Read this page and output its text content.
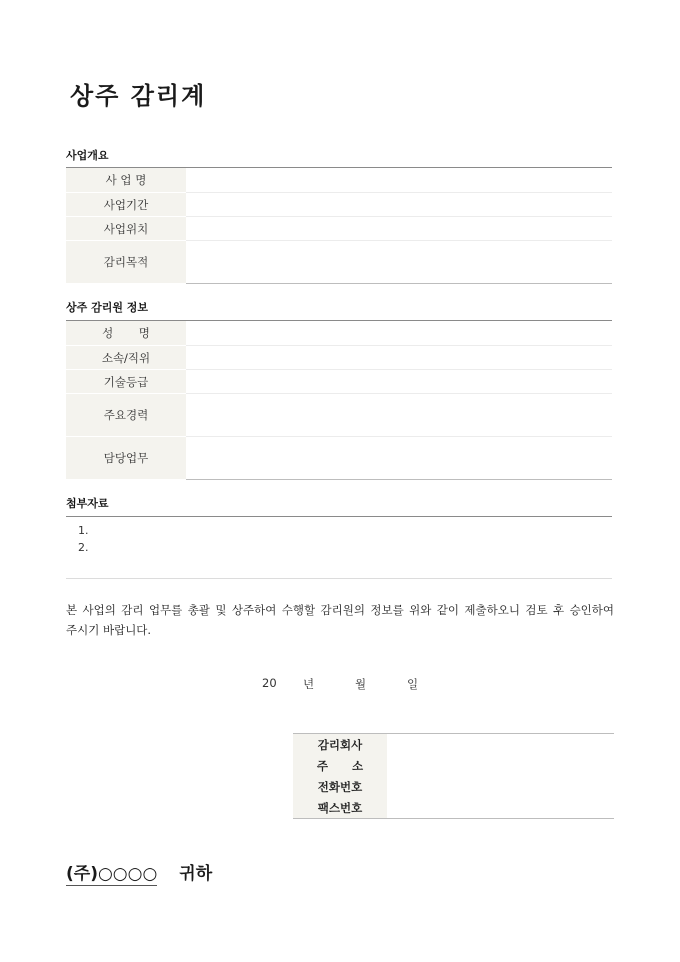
상주 감리계
사업개요
사 업 명	
사업기간	
사업위치	
감리목적	
상주 감리원 정보
성       명	
소속/직위	
기술등급	
주요경력	
담당업무	
첨부자료
1.
2.

본 사업의 감리 업무를 총괄 및 상주하여 수행할 감리원의 정보를 위와 같이 제출하오니 검토 후 승인하여 주시기 바랍니다.

20 년	월	일
감리회사	
주      소	
전화번호	
팩스번호	
(주)○○○○ 귀하
